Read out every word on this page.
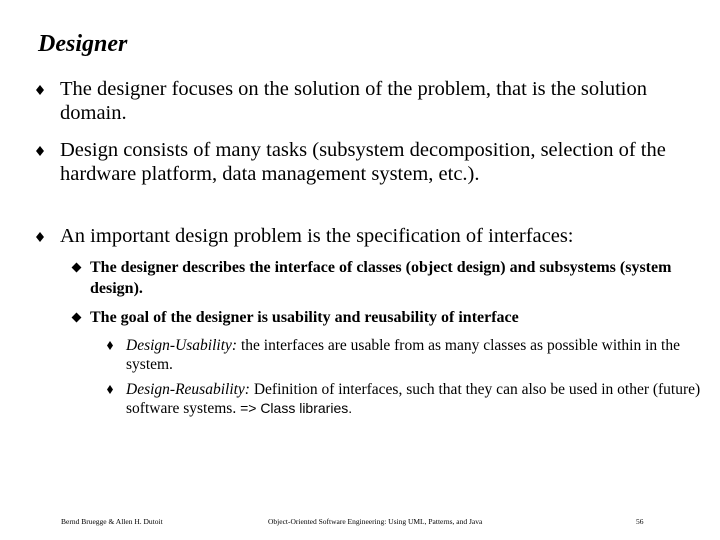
Designer
The designer focuses on the solution of the problem, that is the solution domain.
Design consists of many tasks (subsystem decomposition, selection of the hardware platform, data management system, etc.).
An important design problem is the specification of interfaces:
The designer describes the interface of classes (object design) and subsystems (system design).
The goal of the designer is usability and reusability of interface
Design-Usability: the interfaces are usable from as many classes as possible within in the system.
Design-Reusability: Definition of interfaces, such that they can also be used in other (future) software systems. => Class libraries.
Bernd Bruegge & Allen H. Dutoit	Object-Oriented Software Engineering: Using UML, Patterns, and Java	56
